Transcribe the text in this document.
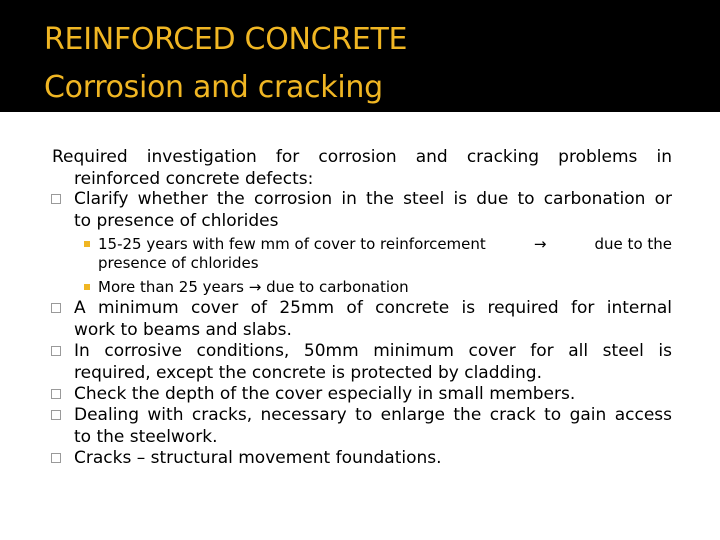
REINFORCED CONCRETE
Corrosion and cracking
Required investigation for corrosion and cracking problems in
reinforced concrete defects:
Clarify whether the corrosion in the steel is due to carbonation or
to presence of chlorides
15-25 years with few mm of cover to reinforcement	→	due to the
presence of chlorides
More than 25 years → due to carbonation
A minimum cover of 25mm of concrete is required for internal
work to beams and slabs.
In corrosive conditions, 50mm minimum cover for all steel is
required, except the concrete is protected by cladding.
Check the depth of the cover especially in small members.
Dealing with cracks, necessary to enlarge the crack to gain access
to the steelwork.
Cracks – structural movement foundations.
